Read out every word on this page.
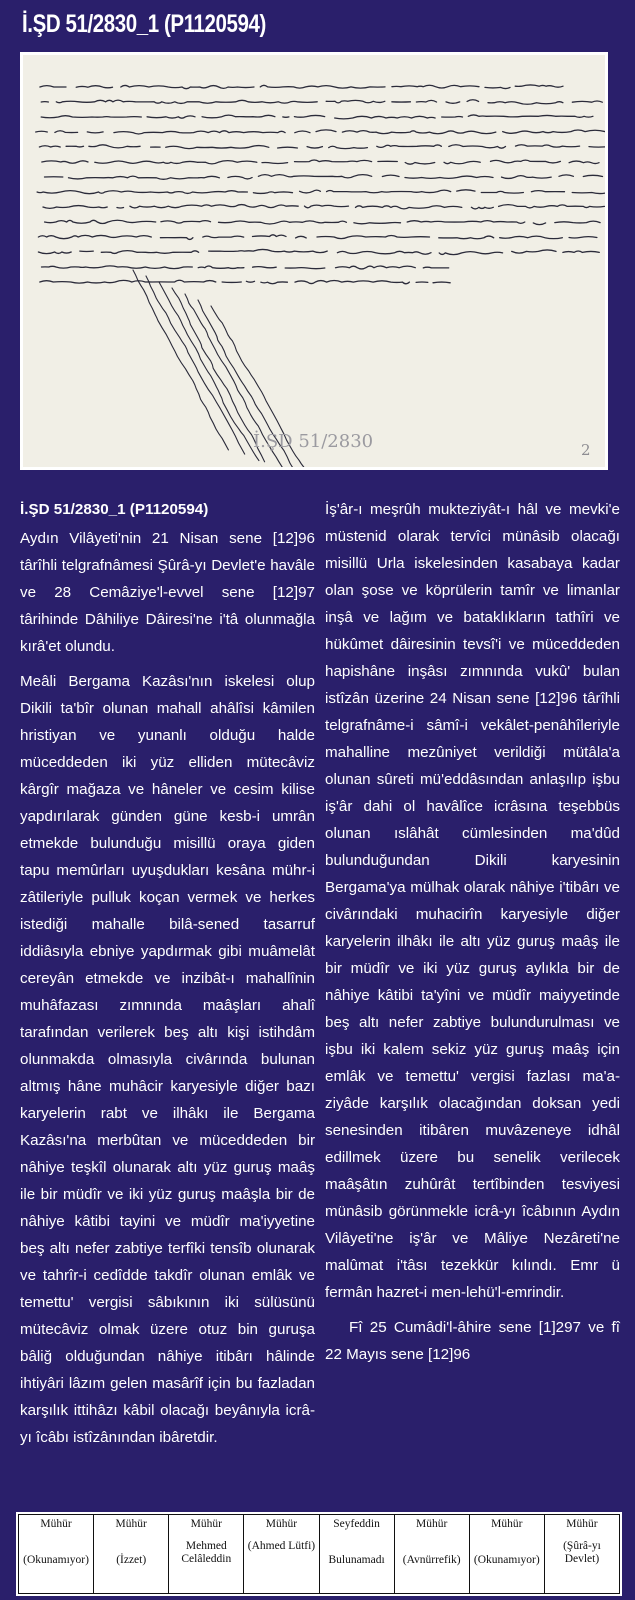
İ.ŞD 51/2830_1 (P1120594)
İ.ŞD 51/2830	2

İ.ŞD 51/2830_1 (P1120594)

Aydın Vilâyeti'nin 21 Nisan sene [12]96 târîhli telgrafnâmesi Şûrâ-yı Devlet'e havâle ve 28 Cemâziye'l-evvel sene [12]97 târihinde Dâhiliye Dâiresi'ne i'tâ olunmağla kırâ'et olundu.

Meâli Bergama Kazâsı'nın iskelesi olup Dikili ta'bîr olunan mahall ahâlîsi kâmilen hristiyan ve yunanlı olduğu halde müceddeden iki yüz elliden mütecâviz kârgîr mağaza ve hâneler ve cesim kilise yapdırılarak günden güne kesb-i umrân etmekde bulunduğu misillü oraya giden tapu memûrları uyuşdukları kesâna mühr-i zâtileriyle pulluk koçan vermek ve herkes istediği mahalle bilâ-sened tasarruf iddiâsıyla ebniye yapdırmak gibi muâmelât cereyân etmekde ve inzibât-ı mahallînin muhâfazası zımnında maâşları ahalî tarafından verilerek beş altı kişi istihdâm olunmakda olmasıyla civârında bulunan altmış hâne muhâcir karyesiyle diğer bazı karyelerin rabt ve ilhâkı ile Bergama Kazâsı'na merbûtan ve müceddeden bir nâhiye teşkîl olunarak altı yüz guruş maâş ile bir müdîr ve iki yüz guruş maâşla bir de nâhiye kâtibi tayini ve müdîr ma'iyyetine beş altı nefer zabtiye terfîki tensîb olunarak ve tahrîr-i cedîdde takdîr olunan emlâk ve temettu' vergisi sâbıkının iki sülüsünü mütecâviz olmak üzere otuz bin guruşa bâliğ olduğundan nâhiye itibârı hâlinde ihtiyâri lâzım gelen masârîf için bu fazladan karşılık ittihâzı kâbil olacağı beyânıyla icrâ-yı îcâbı istîzânından ibâretdir.

İş'âr-ı meşrûh mukteziyât-ı hâl ve mevki'e müstenid olarak tervîci münâsib olacağı misillü Urla iskelesinden kasabaya kadar olan şose ve köprülerin tamîr ve limanlar inşâ ve lağım ve bataklıkların tathîri ve hükûmet dâiresinin tevsî'i ve müceddeden hapishâne inşâsı zımnında vukû' bulan istîzân üzerine 24 Nisan sene [12]96 târîhli telgrafnâme-i sâmî-i vekâlet-penâhîleriyle mahalline mezûniyet verildiği mütâla'a olunan sûreti mü'eddâsından anlaşılıp işbu iş'âr dahi ol havâlîce icrâsına teşebbüs olunan ıslâhât cümlesinden ma'dûd bulunduğundan Dikili karyesinin Bergama'ya mülhak olarak nâhiye i'tibârı ve civârındaki muhacirîn karyesiyle diğer karyelerin ilhâkı ile altı yüz guruş maâş ile bir müdîr ve iki yüz guruş aylıkla bir de nâhiye kâtibi ta'yîni ve müdîr maiyyetinde beş altı nefer zabtiye bulundurulması ve işbu iki kalem sekiz yüz guruş maâş için emlâk ve temettu' vergisi fazlası ma'a-ziyâde karşılık olacağından doksan yedi senesinden itibâren muvâzeneye idhâl edillmek üzere bu senelik verilecek maâşâtın zuhûrât tertîbinden tesviyesi münâsib görünmekle icrâ-yı îcâbının Aydın Vilâyeti'ne iş'âr ve Mâliye Nezâreti'ne malûmat i'tâsı tezekkür kılındı. Emr ü fermân hazret-i men-lehü'l-emrindir.

Fî 25 Cumâdi'l-âhire sene [1]297 ve fî 22 Mayıs sene [12]96

Mühür
(Okunamıyor)

Mühür
(İzzet)

Mühür
Mehmed Celâleddin

Mühür
(Ahmed Lütfi)

Seyfeddin
Bulunamadı

Mühür
(Avnürrefik)

Mühür
(Okunamıyor)

Mühür
(Şûrâ-yı Devlet)
